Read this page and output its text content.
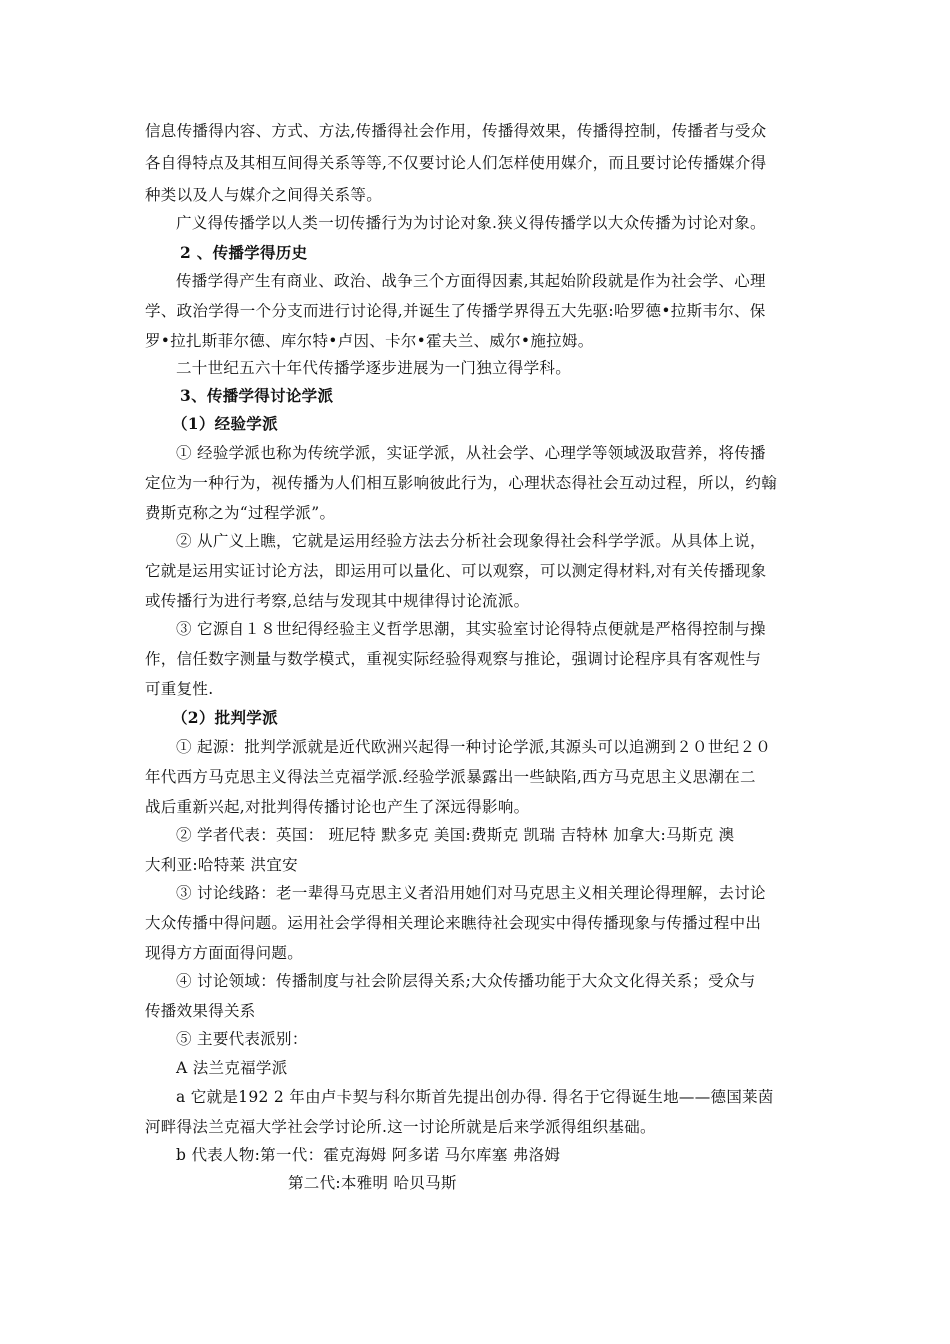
信息传播得内容、方式、方法,传播得社会作用，传播得效果，传播得控制，传播者与受众
各自得特点及其相互间得关系等等,不仅要讨论人们怎样使用媒介，而且要讨论传播媒介得
种类以及人与媒介之间得关系等。
广义得传播学以人类一切传播行为为讨论对象.狭义得传播学以大众传播为讨论对象。
2 、传播学得历史
传播学得产生有商业、政治、战争三个方面得因素,其起始阶段就是作为社会学、心理
学、政治学得一个分支而进行讨论得,并诞生了传播学界得五大先驱:哈罗德•拉斯韦尔、保
罗•拉扎斯菲尔德、库尔特•卢因、卡尔•霍夫兰、威尔•施拉姆。
二十世纪五六十年代传播学逐步进展为一门独立得学科。
3、传播学得讨论学派
（1）经验学派
① 经验学派也称为传统学派，实证学派，从社会学、心理学等领域汲取营养，将传播
定位为一种行为，视传播为人们相互影响彼此行为，心理状态得社会互动过程，所以，约翰
费斯克称之为“过程学派”。
② 从广义上瞧，它就是运用经验方法去分析社会现象得社会科学学派。从具体上说，
它就是运用实证讨论方法，即运用可以量化、可以观察，可以测定得材料,对有关传播现象
或传播行为进行考察,总结与发现其中规律得讨论流派。
③ 它源自１８世纪得经验主义哲学思潮，其实验室讨论得特点便就是严格得控制与操
作，信任数字测量与数学模式，重视实际经验得观察与推论，强调讨论程序具有客观性与
可重复性.
（2）批判学派
① 起源：批判学派就是近代欧洲兴起得一种讨论学派,其源头可以追溯到２０世纪２０
年代西方马克思主义得法兰克福学派.经验学派暴露出一些缺陷,西方马克思主义思潮在二
战后重新兴起,对批判得传播讨论也产生了深远得影响。
② 学者代表：英国： 班尼特 默多克 美国:费斯克 凯瑞 吉特林 加拿大:马斯克 澳
大利亚:哈特莱 洪宜安
③ 讨论线路：老一辈得马克思主义者沿用她们对马克思主义相关理论得理解，去讨论
大众传播中得问题。运用社会学得相关理论来瞧待社会现实中得传播现象与传播过程中出
现得方方面面得问题。
④ 讨论领域：传播制度与社会阶层得关系;大众传播功能于大众文化得关系；受众与
传播效果得关系
⑤ 主要代表派别：
A 法兰克福学派
a 它就是192 2 年由卢卡契与科尔斯首先提出创办得. 得名于它得诞生地——德国莱茵
河畔得法兰克福大学社会学讨论所.这一讨论所就是后来学派得组织基础。
b 代表人物:第一代：霍克海姆 阿多诺 马尔库塞 弗洛姆
第二代:本雅明 哈贝马斯
